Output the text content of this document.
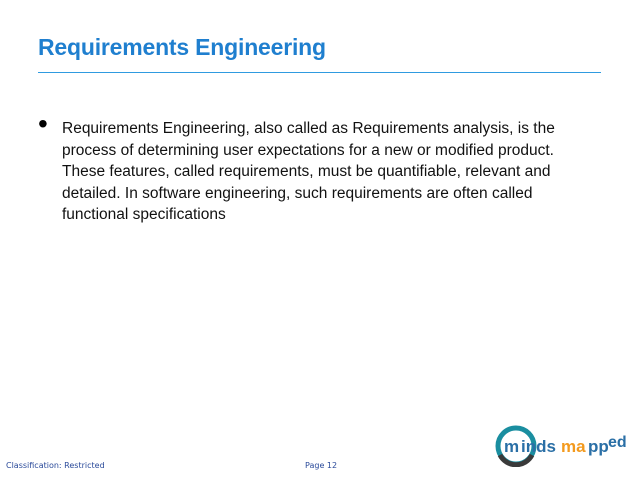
Requirements Engineering
• Requirements Engineering, also called as Requirements analysis, is the process of determining user expectations for a new or modified product. These features, called requirements, must be quantifiable, relevant and detailed. In software engineering, such requirements are often called functional specifications
Classification: Restricted	Page 12
m inds ma pp ed
